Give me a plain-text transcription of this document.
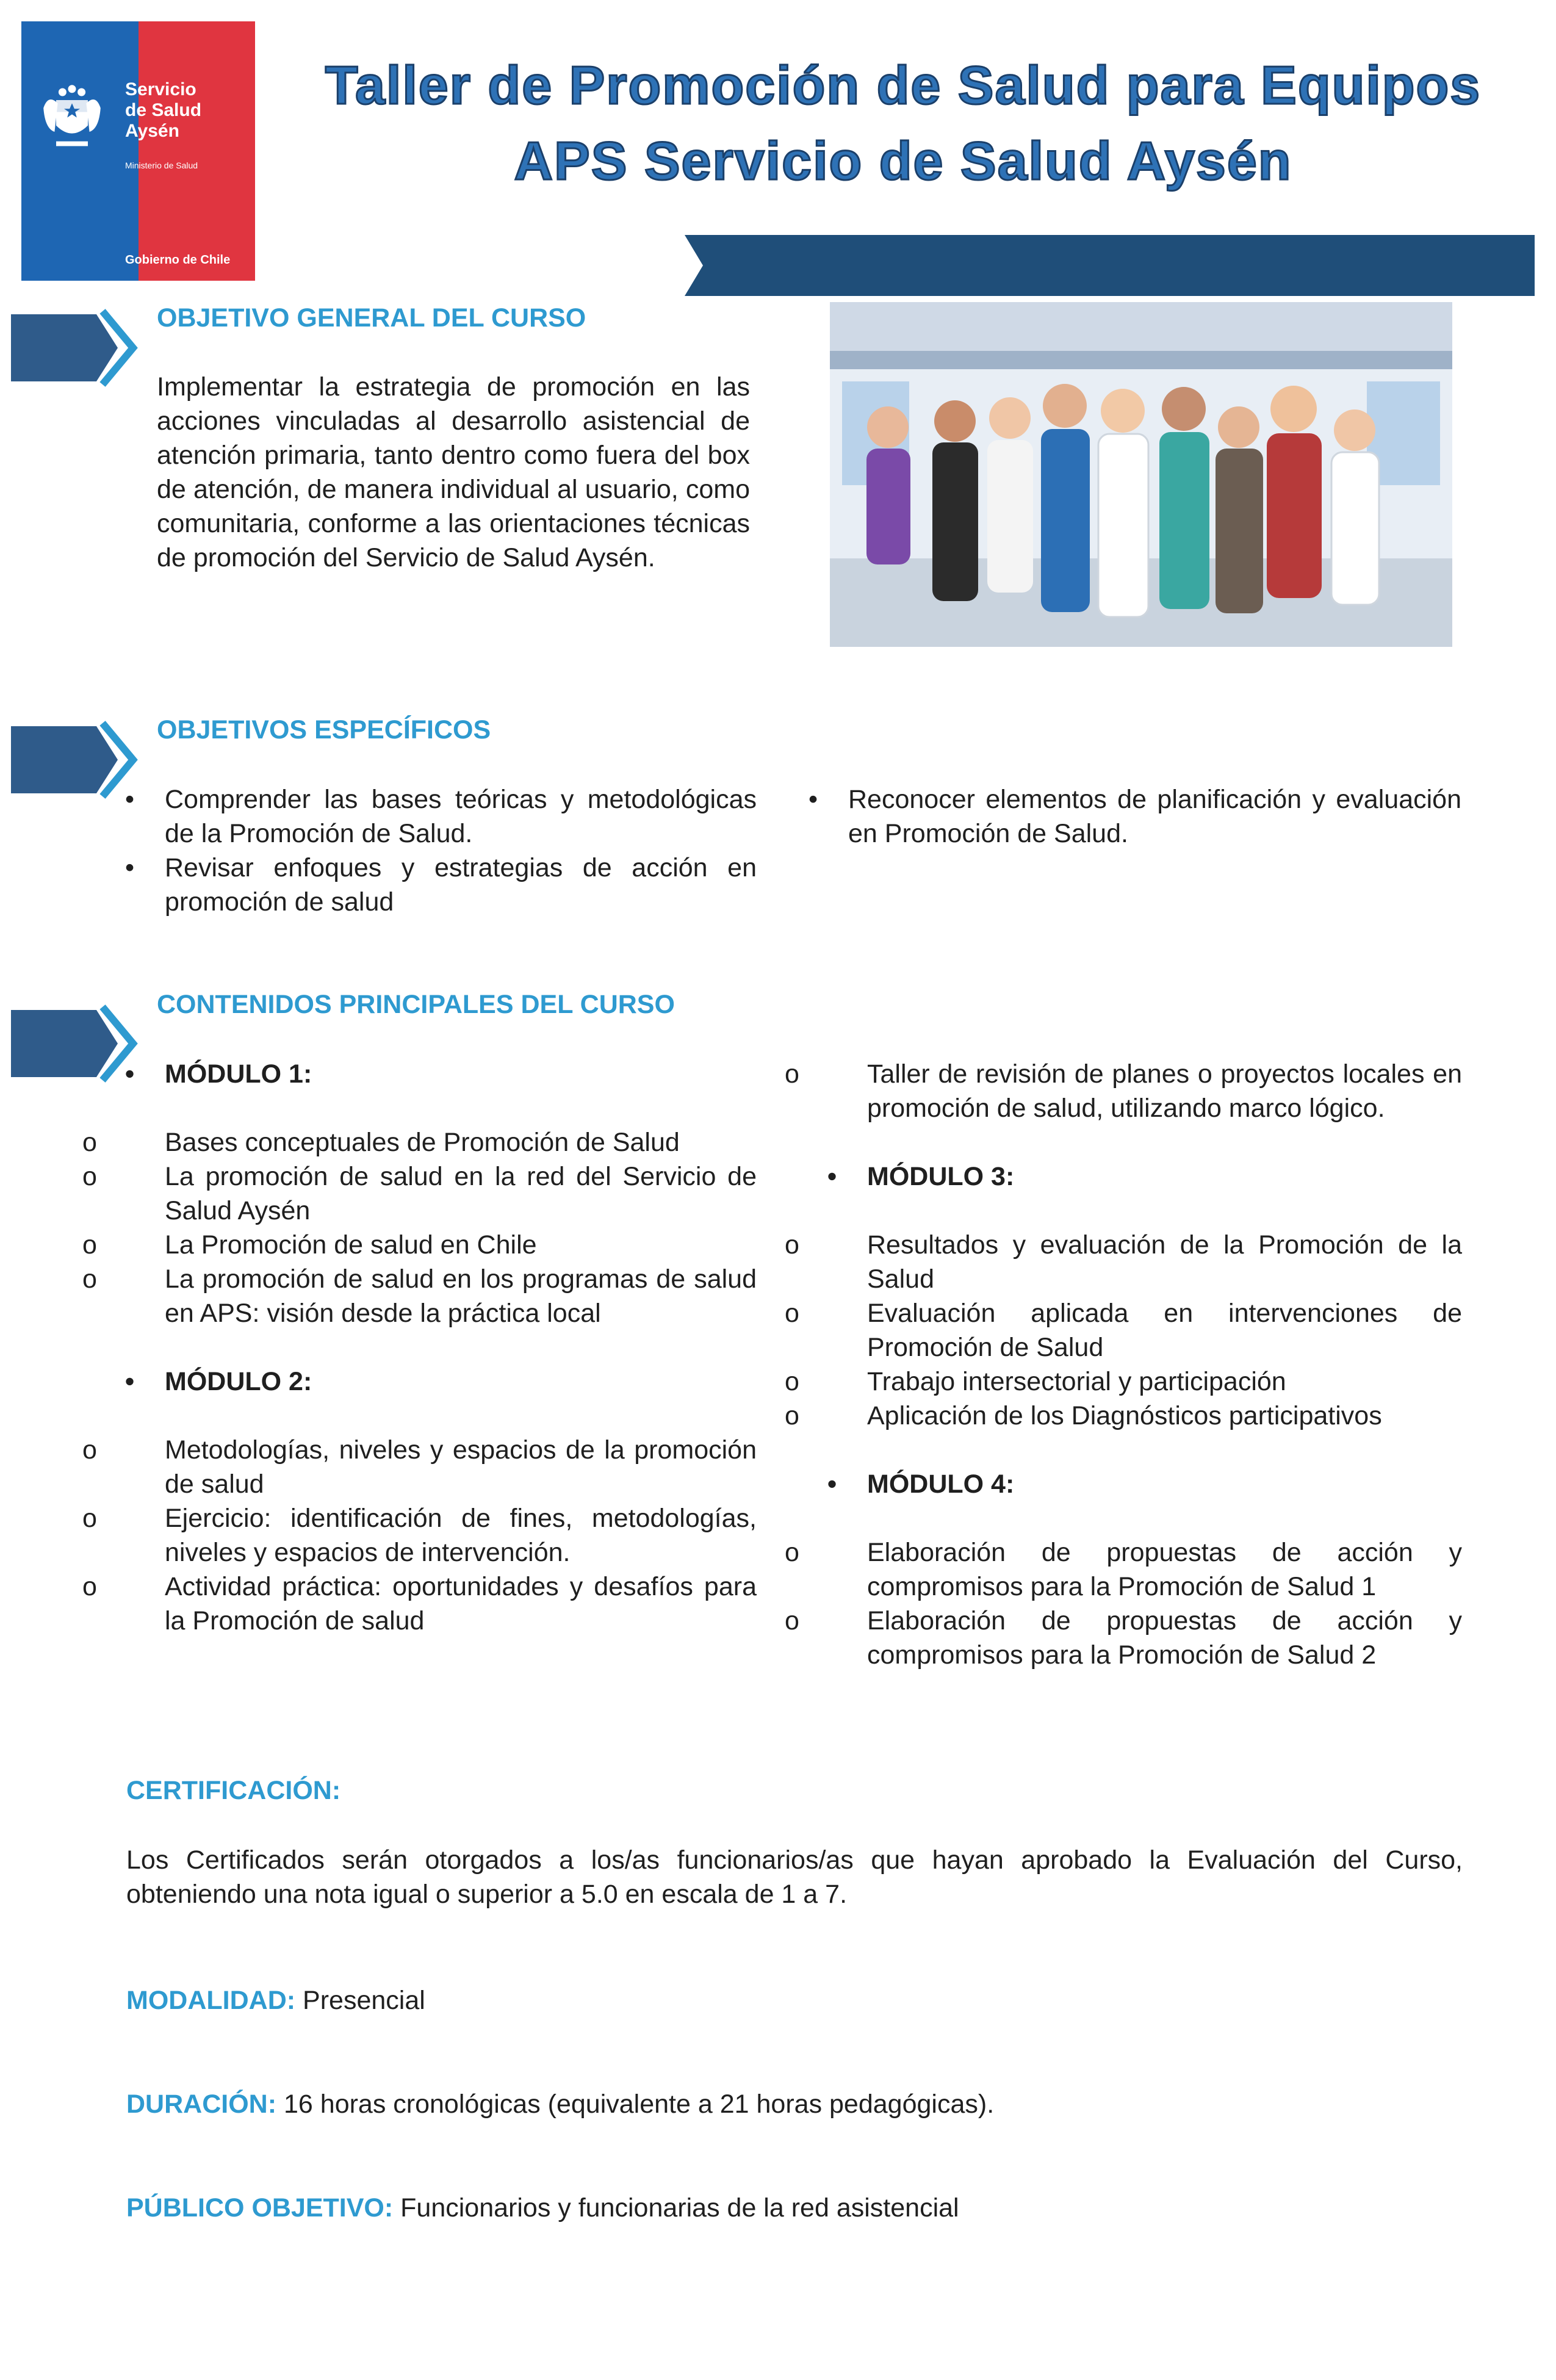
Servicio
de Salud
Aysén
Ministerio de Salud
Gobierno de Chile
Taller de Promoción de Salud para Equipos
APS Servicio de Salud Aysén
OBJETIVO GENERAL DEL CURSO
Implementar la estrategia de promoción en las acciones vinculadas al desarrollo asistencial de atención primaria, tanto dentro como fuera del box de atención, de manera individual al usuario, como comunitaria, conforme a las orientaciones técnicas de promoción del Servicio de Salud Aysén.
OBJETIVOS ESPECÍFICOS
• Comprender las bases teóricas y metodológicas de la Promoción de Salud.
• Revisar enfoques y estrategias de acción en promoción de salud
• Reconocer elementos de planificación y evaluación en Promoción de Salud.
CONTENIDOS PRINCIPALES DEL CURSO
• MÓDULO 1:
o Bases conceptuales de Promoción de Salud
o La promoción de salud en la red del Servicio de Salud Aysén
o La Promoción de salud en Chile
o La promoción de salud en los programas de salud en APS: visión desde la práctica local
• MÓDULO 2:
o Metodologías, niveles y espacios de la promoción de salud
o Ejercicio: identificación de fines, metodologías, niveles y espacios de intervención.
o Actividad práctica: oportunidades y desafíos para la Promoción de salud
o Taller de revisión de planes o proyectos locales en promoción de salud, utilizando marco lógico.
• MÓDULO 3:
o Resultados y evaluación de la Promoción de la Salud
o Evaluación aplicada en intervenciones de Promoción de Salud
o Trabajo intersectorial y participación
o Aplicación de los Diagnósticos participativos
• MÓDULO 4:
o Elaboración de propuestas de acción y compromisos para la Promoción de Salud 1
o Elaboración de propuestas de acción y compromisos para la Promoción de Salud 2
CERTIFICACIÓN:
Los Certificados serán otorgados a los/as funcionarios/as que hayan aprobado la Evaluación del Curso, obteniendo una nota igual o superior a 5.0 en escala de 1 a 7.
MODALIDAD: Presencial
DURACIÓN: 16 horas cronológicas (equivalente a 21 horas pedagógicas).
PÚBLICO OBJETIVO: Funcionarios y funcionarias de la red asistencial
